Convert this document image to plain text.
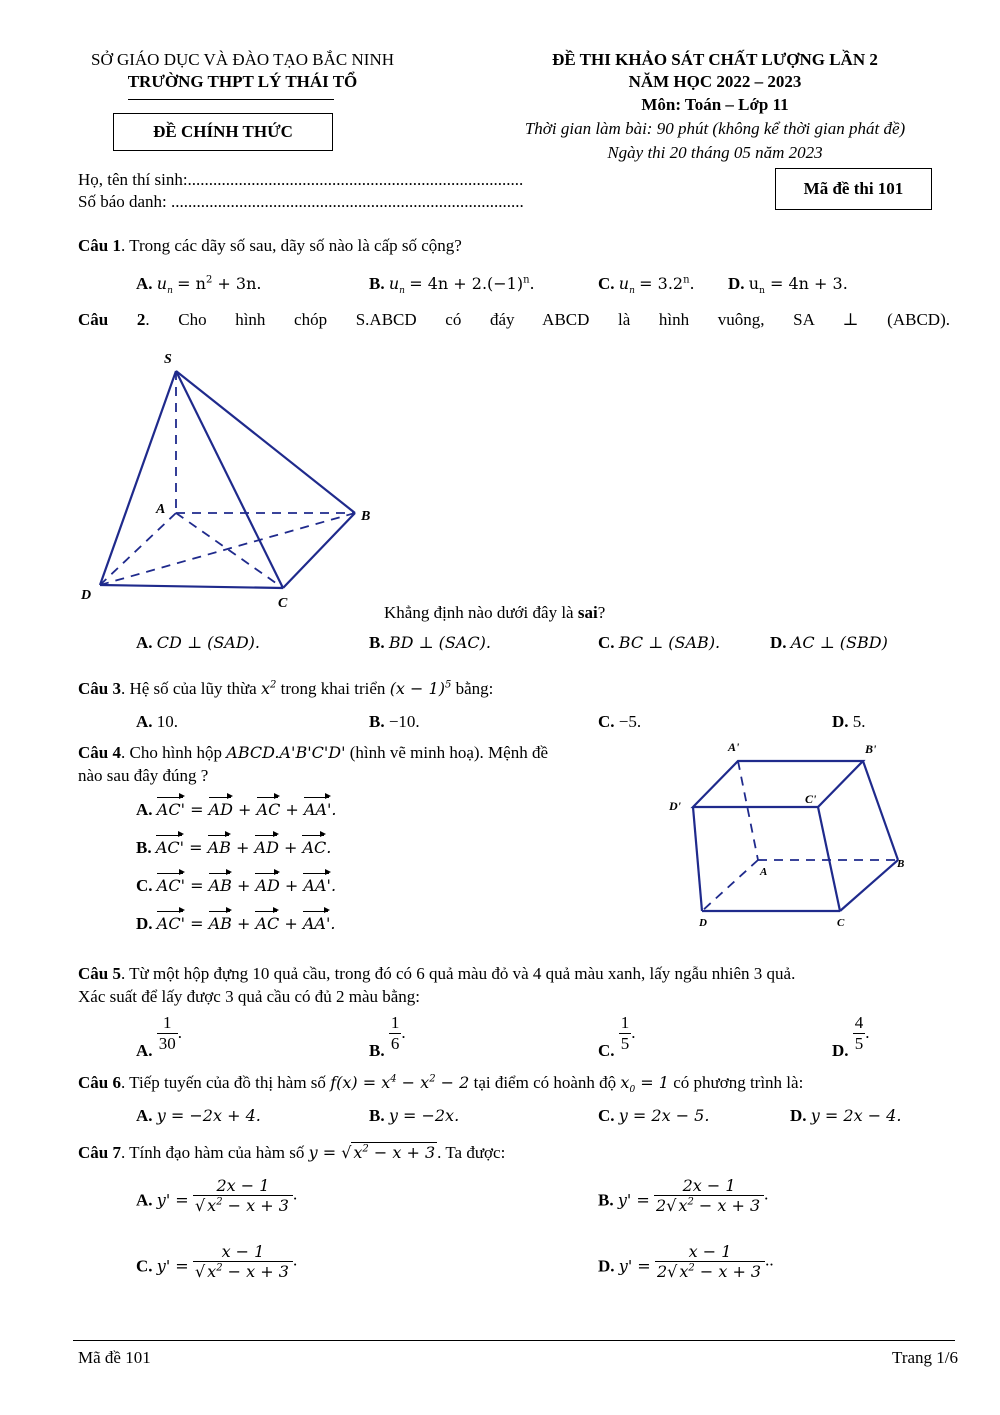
SỞ GIÁO DỤC VÀ ĐÀO TẠO BẮC NINH
TRƯỜNG THPT LÝ THÁI TỔ
ĐỀ CHÍNH THỨC
ĐỀ THI KHẢO SÁT CHẤT LƯỢNG LẦN 2
NĂM HỌC 2022 – 2023
Môn: Toán – Lớp 11
Thời gian làm bài: 90 phút (không kể thời gian phát đề)
Ngày thi 20 tháng 05 năm 2023
Họ, tên thí sinh:...............................................................................
Số báo danh: ...................................................................................
Mã đề thi 101
Câu 1. Trong các dãy số sau, dãy số nào là cấp số cộng?
A. $u_n = n^2 + 3n$.	B. $u_n = 4n + 2.(-1)^n$.	C. $u_n = 3.2^n$. D. $u_n = 4n + 3$.
Câu 2. Cho hình chóp S.ABCD có đáy ABCD là hình vuông, SA ⊥ (ABCD).
S
A	B
C
D
Khẳng định nào dưới đây là sai?
A. CD ⊥ (SAD).	B. BD ⊥ (SAC).	C. BC ⊥ (SAB).	D. AC ⊥ (SBD)
Câu 3. Hệ số của lũy thừa $x^2$ trong khai triển $(x - 1)^5$ bằng:
A. 10.	B. −10.	C. −5.	D. 5.
Câu 4. Cho hình hộp ABCD.A'B'C'D' (hình vẽ minh hoạ). Mệnh đề
nào sau đây đúng ?
A. AC' = AD + AC + AA'.
B. AC' = AB + AD + AC.
C. AC' = AB + AD + AA'.
D. AC' = AB + AC + AA'.
A'	B'
C'
D'
A
B
C
D
Câu 5. Từ một hộp đựng 10 quả cầu, trong đó có 6 quả màu đỏ và 4 quả màu xanh, lấy ngẫu nhiên 3 quả.
Xác suất để lấy được 3 quả cầu có đủ 2 màu bằng:
A. $\frac{1}{30}$ .
B. $\frac{1}{6}$ .
C. $\frac{1}{5}$ .
D. $\frac{4}{5}$ .
Câu 6. Tiếp tuyến của đồ thị hàm số $f(x) = x^4 - x^2 - 2$ tại điểm có hoành độ $x_0 = 1$ có phương trình là:
A. y = −2x + 4.	B. y = −2x.	C. y = 2x − 5.	D. y = 2x − 4.
Câu 7. Tính đạo hàm của hàm số y = √ $x^2 - x + 3$ . Ta được:
A. $y' = \frac{2x - 1}{√ x^2 - x + 3}$ .	B. $y' = \frac{2x - 1}{2√ x^2 - x + 3}$ .
C. $y' = \frac{x - 1}{√ x^2 - x + 3}$ .	D. $y' = \frac{x - 1}{2√ x^2 - x + 3}$ ..
Mã đề 101	Trang 1/6
